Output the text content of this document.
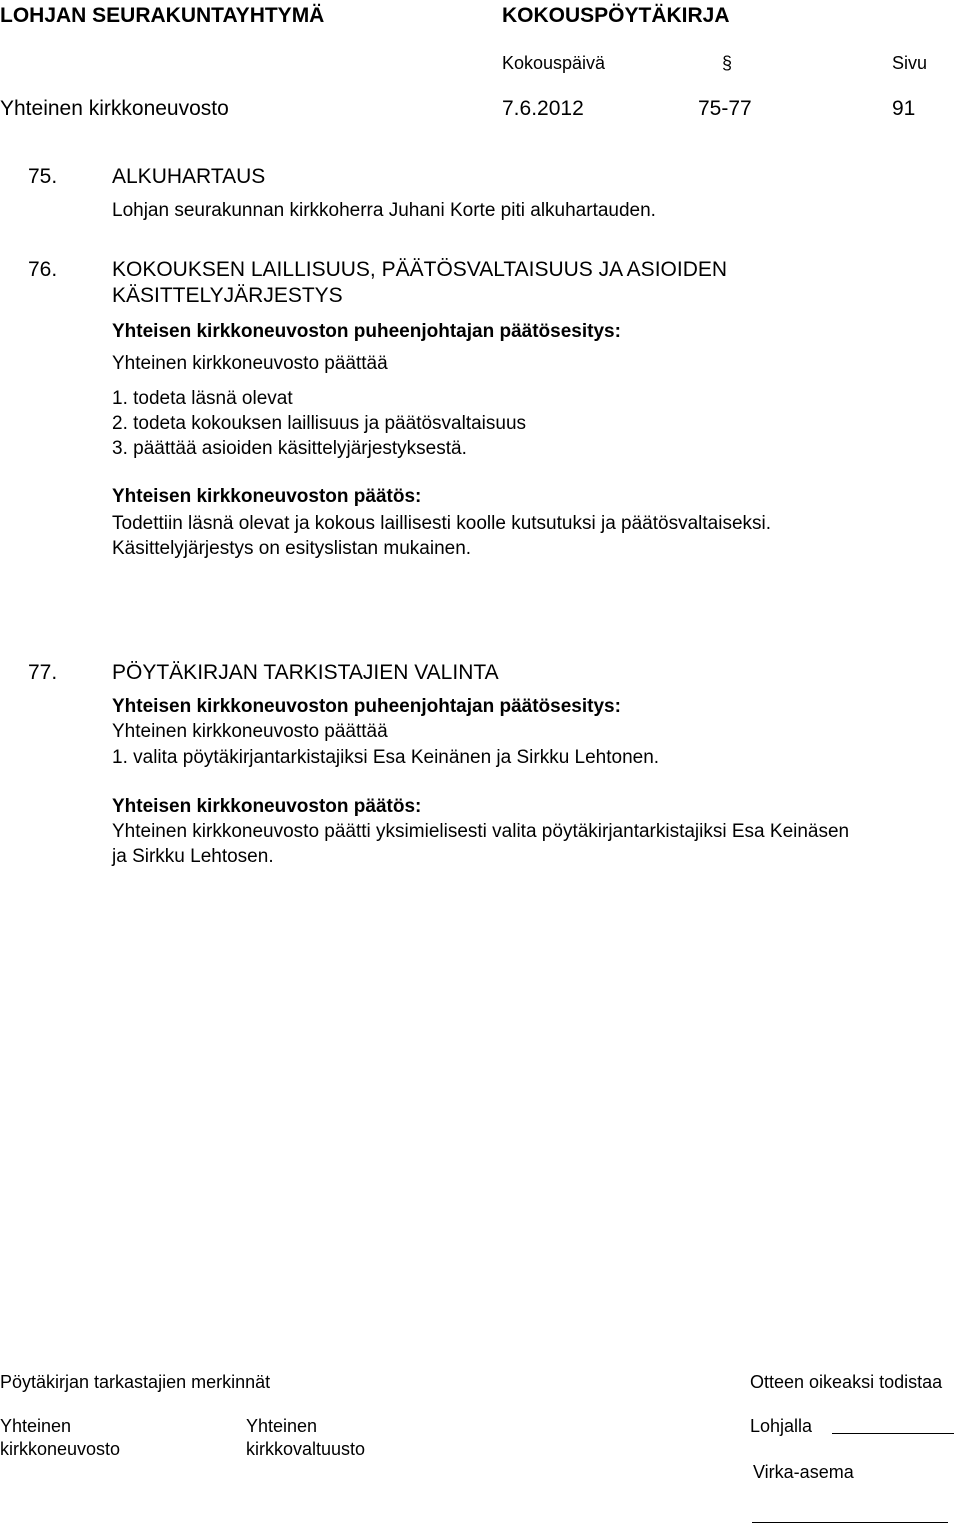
LOHJAN SEURAKUNTAYHTYMÄ	KOKOUSPÖYTÄKIRJA
Kokouspäivä	§	Sivu
Yhteinen kirkkoneuvosto	7.6.2012	75-77	91
75.	ALKUHARTAUS
Lohjan seurakunnan kirkkoherra Juhani Korte piti alkuhartauden.
76.	KOKOUKSEN LAILLISUUS, PÄÄTÖSVALTAISUUS JA ASIOIDEN
KÄSITTELYJÄRJESTYS
Yhteisen kirkkoneuvoston puheenjohtajan päätösesitys:
Yhteinen kirkkoneuvosto päättää
1. todeta läsnä olevat
2. todeta kokouksen laillisuus ja päätösvaltaisuus
3. päättää asioiden käsittelyjärjestyksestä.
Yhteisen kirkkoneuvoston päätös:
Todettiin läsnä olevat ja kokous laillisesti koolle kutsutuksi ja päätösvaltaiseksi.
Käsittelyjärjestys on esityslistan mukainen.
77.	PÖYTÄKIRJAN TARKISTAJIEN VALINTA
Yhteisen kirkkoneuvoston puheenjohtajan päätösesitys:
Yhteinen kirkkoneuvosto päättää
1. valita pöytäkirjantarkistajiksi Esa Keinänen ja Sirkku Lehtonen.
Yhteisen kirkkoneuvoston päätös:
Yhteinen kirkkoneuvosto päätti yksimielisesti valita pöytäkirjantarkistajiksi Esa Keinäsen
ja Sirkku Lehtosen.
Pöytäkirjan tarkastajien merkinnät	Otteen oikeaksi todistaa
Yhteinen
kirkkoneuvosto
Yhteinen
kirkkovaltuusto
Lohjalla
Virka-asema
